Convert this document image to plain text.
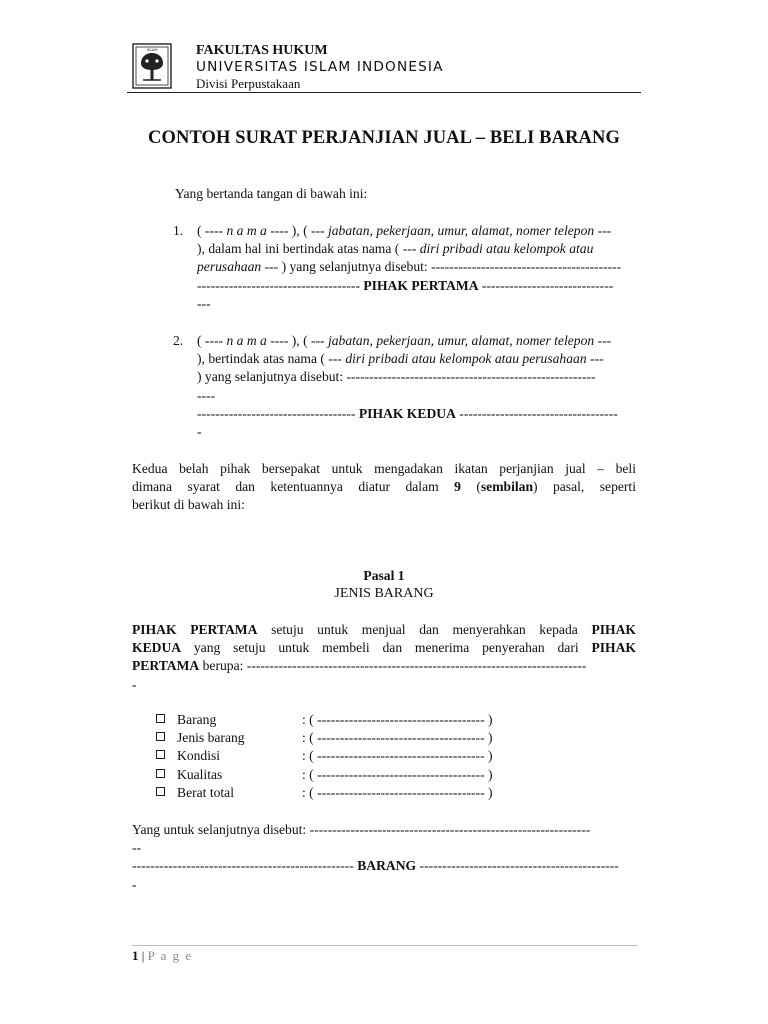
ISLAM	FAKULTAS HUKUM
UNIVERSITAS ISLAM INDONESIA
Divisi Perpustakaan
CONTOH SURAT PERJANJIAN JUAL – BELI BARANG
Yang bertanda tangan di bawah ini:
1. ( ---- n a m a ---- ), ( --- jabatan, pekerjaan, umur, alamat, nomer telepon ---
), dalam hal ini bertindak atas nama ( --- diri pribadi atau kelompok atau
perusahaan --- ) yang selanjutnya disebut: ------------------------------------------
------------------------------------ PIHAK PERTAMA -----------------------------
---
2. ( ---- n a m a ---- ), ( --- jabatan, pekerjaan, umur, alamat, nomer telepon ---
), bertindak atas nama ( --- diri pribadi atau kelompok atau perusahaan ---
) yang selanjutnya disebut: -------------------------------------------------------
----
----------------------------------- PIHAK KEDUA -----------------------------------
-
Kedua belah pihak bersepakat untuk mengadakan ikatan perjanjian jual – beli
dimana syarat dan ketentuannya diatur dalam 9 (sembilan) pasal, seperti
berikut di bawah ini:
Pasal 1
JENIS BARANG
PIHAK PERTAMA setuju untuk menjual dan menyerahkan kepada PIHAK
KEDUA yang setuju untuk membeli dan menerima penyerahan dari PIHAK
PERTAMA berupa: ---------------------------------------------------------------------------
-
Barang	: ( ------------------------------------- )
Jenis barang	: ( ------------------------------------- )
Kondisi	: ( ------------------------------------- )
Kualitas	: ( ------------------------------------- )
Berat total	: ( ------------------------------------- )
Yang untuk selanjutnya disebut: --------------------------------------------------------------
--
------------------------------------------------- BARANG --------------------------------------------
-
1 | P a g e
